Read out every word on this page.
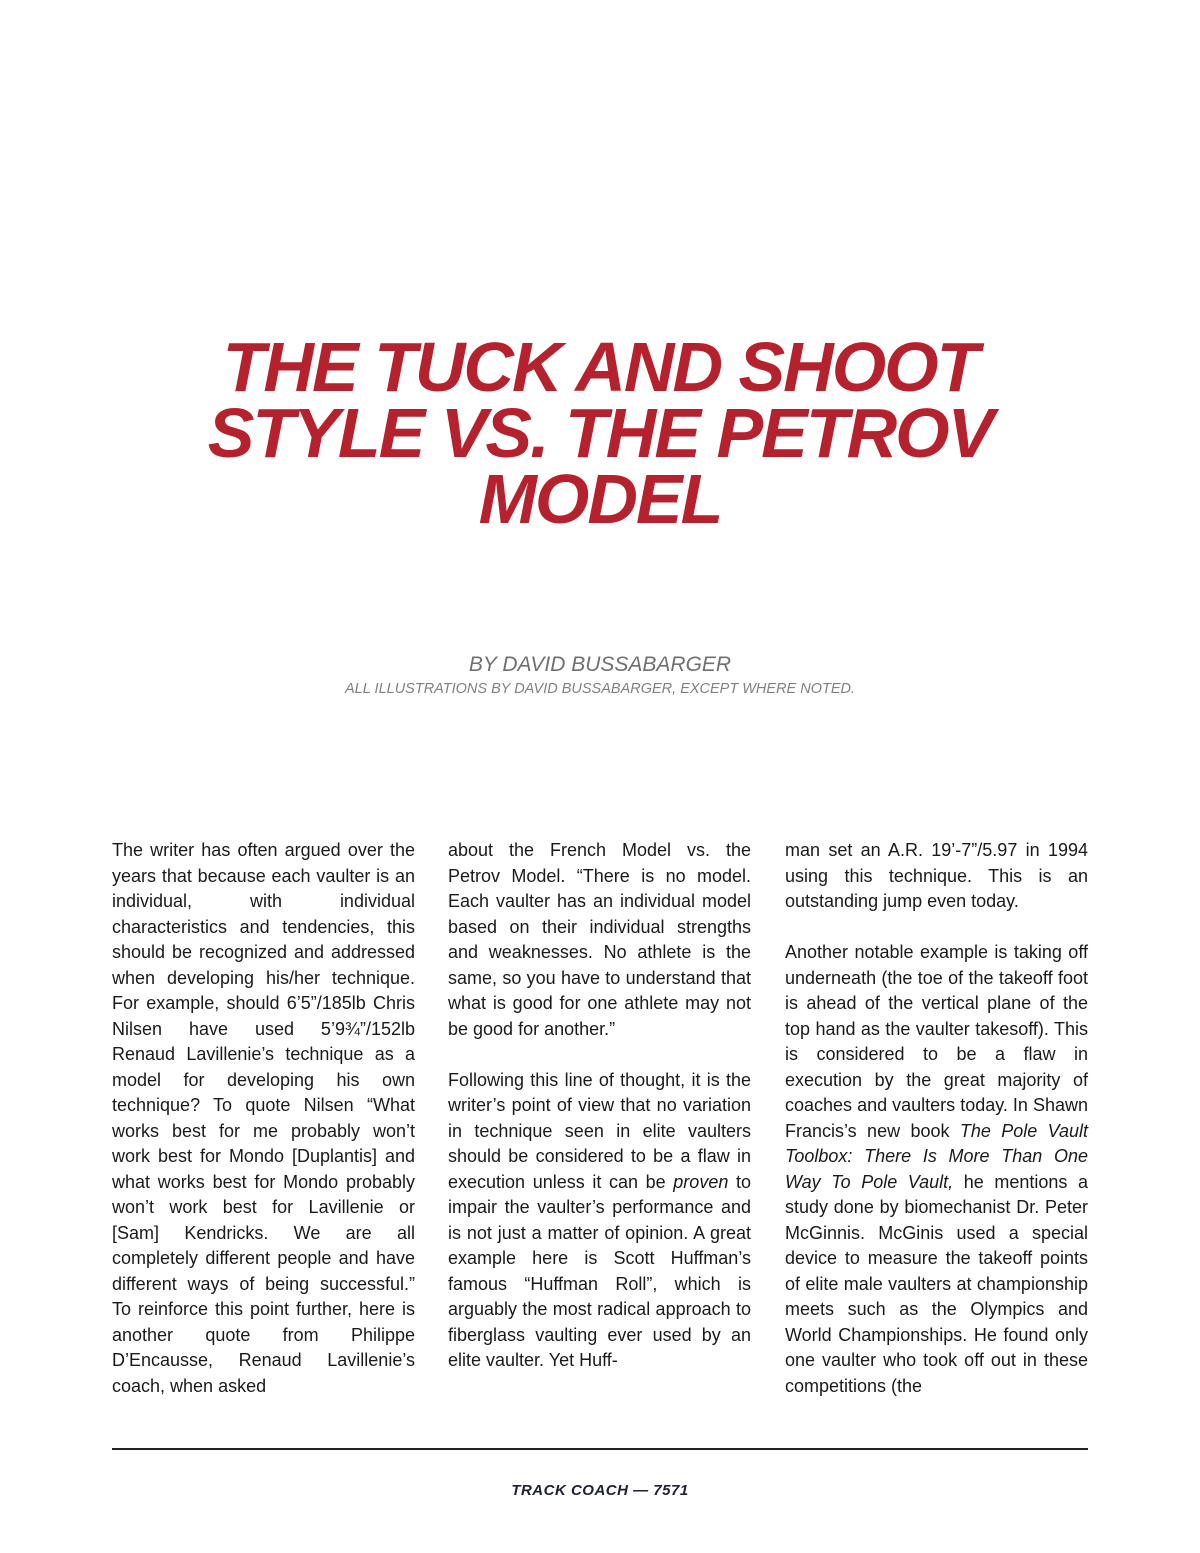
THE TUCK AND SHOOT
STYLE VS. THE PETROV
MODEL
BY DAVID BUSSABARGER
ALL ILLUSTRATIONS BY DAVID BUSSABARGER, EXCEPT WHERE NOTED.

The writer has often argued over the years that because each vaulter is an individual, with individual characteristics and tendencies, this should be recognized and addressed when developing his/her technique. For example, should 6’5”/185lb Chris Nilsen have used 5’9¾”/152lb Renaud Lavillenie’s technique as a model for developing his own technique? To quote Nilsen “What works best for me probably won’t work best for Mondo [Duplantis] and what works best for Mondo probably won’t work best for Lavillenie or [Sam] Kendricks. We are all completely different people and have different ways of being successful.” To reinforce this point further, here is another quote from Philippe D’Encausse, Renaud Lavillenie’s coach, when asked

about the French Model vs. the Petrov Model. “There is no model. Each vaulter has an individual model based on their individual strengths and weaknesses. No athlete is the same, so you have to understand that what is good for one athlete may not be good for another.”

Following this line of thought, it is the writer’s point of view that no variation in technique seen in elite vaulters should be considered to be a flaw in execution unless it can be proven to impair the vaulter’s performance and is not just a matter of opinion. A great example here is Scott Huffman’s famous “Huffman Roll”, which is arguably the most radical approach to fiberglass vaulting ever used by an elite vaulter. Yet Huff-

man set an A.R. 19’-7”/5.97 in 1994 using this technique. This is an outstanding jump even today.

Another notable example is taking off underneath (the toe of the takeoff foot is ahead of the vertical plane of the top hand as the vaulter takesoff). This is considered to be a flaw in execution by the great majority of coaches and vaulters today. In Shawn Francis’s new book The Pole Vault Toolbox: There Is More Than One Way To Pole Vault, he mentions a study done by biomechanist Dr. Peter McGinnis. McGinis used a special device to measure the takeoff points of elite male vaulters at championship meets such as the Olympics and World Championships. He found only one vaulter who took off out in these competitions (the

TRACK COACH — 7571
